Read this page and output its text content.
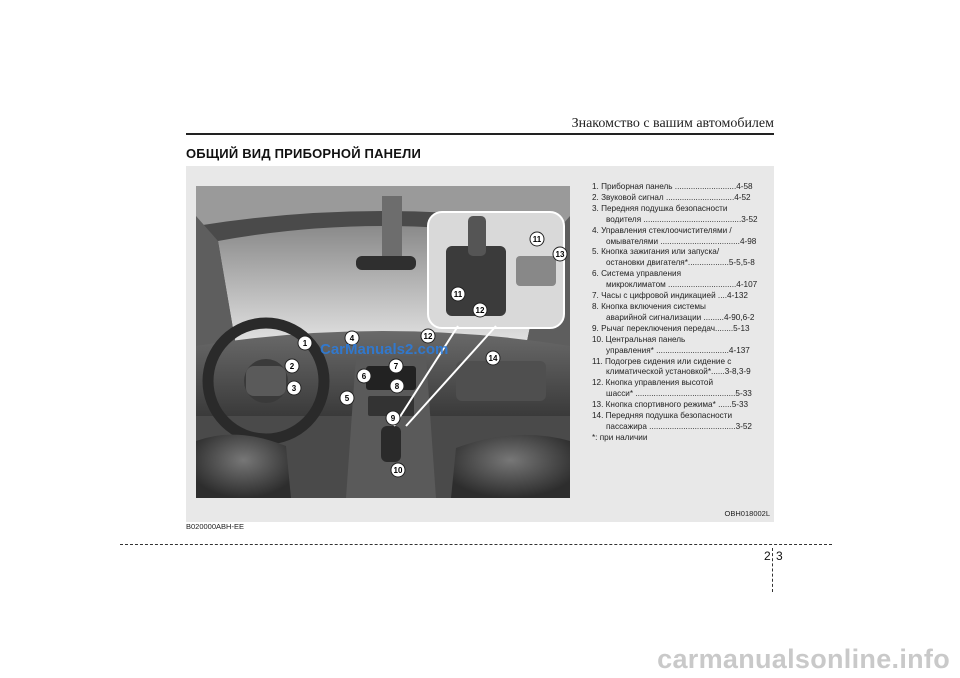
Знакомство с вашим автомобилем
ОБЩИЙ ВИД ПРИБОРНОЙ ПАНЕЛИ
1
2
3
4
5
6
7
8
9
10
11
12
13
14
11
12
CarManuals2.com
1. Приборная панель ...........................4-58
2. Звуковой сигнал ..............................4-52
3. Передняя подушка безопасности
водителя ...........................................3-52
4. Управления стеклоочистителями /
омывателями ...................................4-98
5. Кнопка зажигания или запуска/
остановки двигателя*..................5-5,5-8
6. Система управления
микроклиматом ..............................4-107
7. Часы с цифровой индикацией ....4-132
8. Кнопка включения системы
аварийной сигнализации .........4-90,6-2
9. Рычаг переключения передач........5-13
10. Центральная панель
управления* ................................4-137
11. Подогрев сидения или сидение с
климатической установкой*......3-8,3-9
12. Кнопка управления высотой
шасси* ............................................5-33
13. Кнопка спортивного режима* ......5-33
14. Передняя подушка безопасности
пассажира ......................................3-52
*: при наличии
OBH018002L
B020000ABH-EE
2 3
carmanualsonline.info
